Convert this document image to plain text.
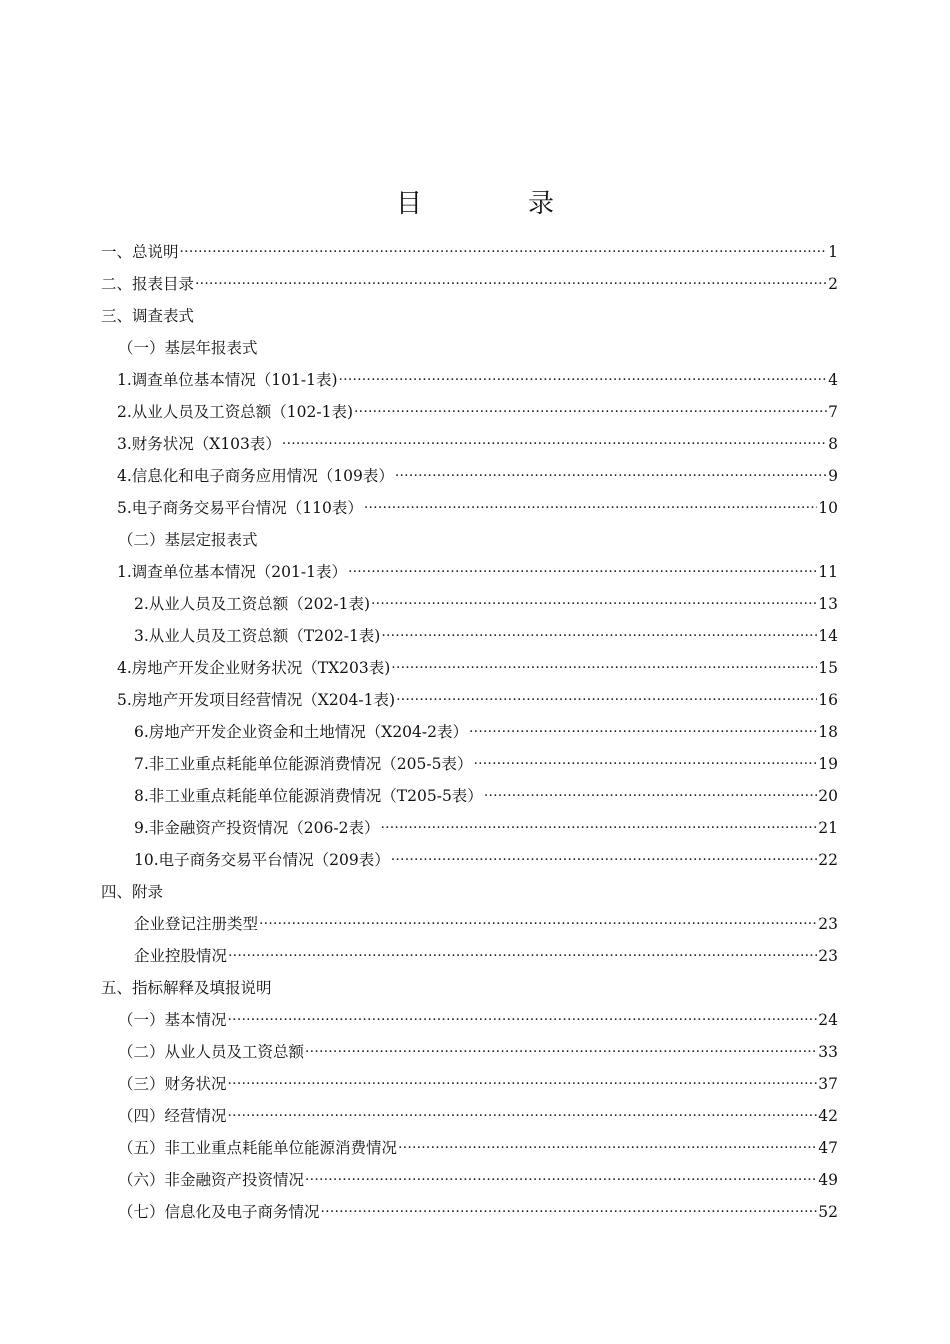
目　录
一、总说明 ·····	1
二、报表目录 ·····	2
三、调查表式
（一）基层年报表式
1.调查单位基本情况（101-1表) ·····	4
2.从业人员及工资总额（102-1表) ·····	7
3.财务状况（X103表） ·····	8
4.信息化和电子商务应用情况（109表） ·····	9
5.电子商务交易平台情况（110表） ·····	10
（二）基层定报表式
1.调查单位基本情况（201-1表） ·····	11
2.从业人员及工资总额（202-1表) ·····	13
3.从业人员及工资总额（T202-1表) ·····	14
4.房地产开发企业财务状况（TX203表) ·····	15
5.房地产开发项目经营情况（X204-1表) ·····	16
6.房地产开发企业资金和土地情况（X204-2表） ·····	18
7.非工业重点耗能单位能源消费情况（205-5表） ·····	19
8.非工业重点耗能单位能源消费情况（T205-5表） ·····	20
9.非金融资产投资情况（206-2表） ·····	21
10.电子商务交易平台情况（209表） ·····	22
四、附录
企业登记注册类型 ·····	23
企业控股情况 ·····	23
五、指标解释及填报说明
（一）基本情况 ·····	24
（二）从业人员及工资总额 ·····	33
（三）财务状况 ·····	37
（四）经营情况 ·····	42
（五）非工业重点耗能单位能源消费情况 ·····	47
（六）非金融资产投资情况 ·····	49
（七）信息化及电子商务情况 ·····	52
